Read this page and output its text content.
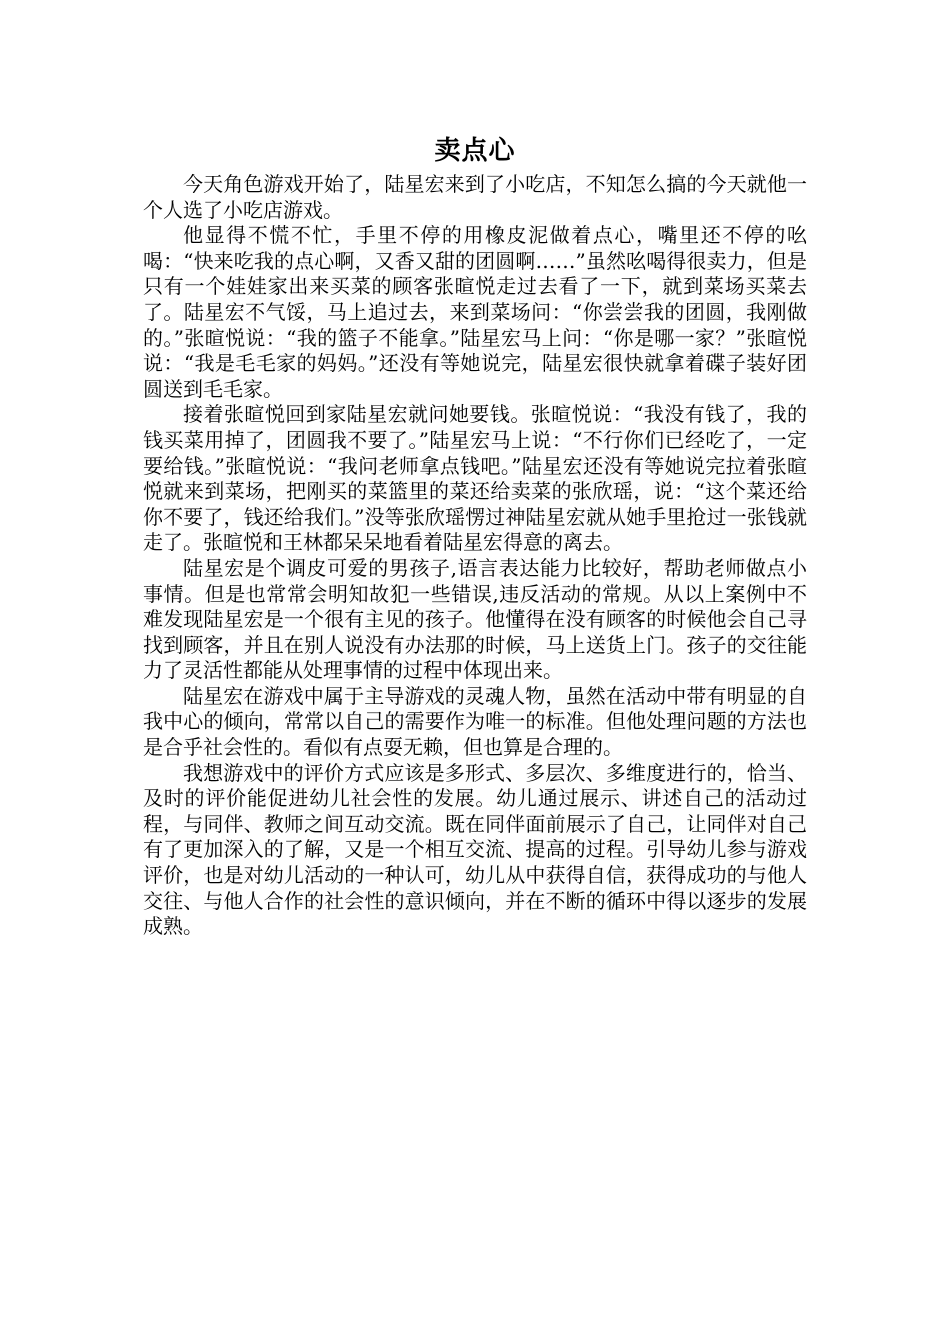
卖点心

今天角色游戏开始了，陆星宏来到了小吃店，不知怎么搞的今天就他一个人选了小吃店游戏。

他显得不慌不忙，手里不停的用橡皮泥做着点心，嘴里还不停的吆喝：“快来吃我的点心啊，又香又甜的团圆啊……”虽然吆喝得很卖力，但是只有一个娃娃家出来买菜的顾客张暄悦走过去看了一下，就到菜场买菜去了。陆星宏不气馁，马上追过去，来到菜场问：“你尝尝我的团圆，我刚做的。”张暄悦说：“我的篮子不能拿。”陆星宏马上问：“你是哪一家？”张暄悦说：“我是毛毛家的妈妈。”还没有等她说完，陆星宏很快就拿着碟子装好团圆送到毛毛家。

接着张暄悦回到家陆星宏就问她要钱。张暄悦说：“我没有钱了，我的钱买菜用掉了，团圆我不要了。”陆星宏马上说：“不行你们已经吃了，一定要给钱。”张暄悦说：“我问老师拿点钱吧。”陆星宏还没有等她说完拉着张暄悦就来到菜场，把刚买的菜篮里的菜还给卖菜的张欣瑶，说：“这个菜还给你不要了，钱还给我们。”没等张欣瑶愣过神陆星宏就从她手里抢过一张钱就走了。张暄悦和王林都呆呆地看着陆星宏得意的离去。

陆星宏是个调皮可爱的男孩子,语言表达能力比较好，帮助老师做点小事情。但是也常常会明知故犯一些错误,违反活动的常规。从以上案例中不难发现陆星宏是一个很有主见的孩子。他懂得在没有顾客的时候他会自己寻找到顾客，并且在别人说没有办法那的时候，马上送货上门。孩子的交往能力了灵活性都能从处理事情的过程中体现出来。

陆星宏在游戏中属于主导游戏的灵魂人物，虽然在活动中带有明显的自我中心的倾向，常常以自己的需要作为唯一的标准。但他处理问题的方法也是合乎社会性的。看似有点耍无赖，但也算是合理的。

我想游戏中的评价方式应该是多形式、多层次、多维度进行的，恰当、及时的评价能促进幼儿社会性的发展。幼儿通过展示、讲述自己的活动过程，与同伴、教师之间互动交流。既在同伴面前展示了自己，让同伴对自己有了更加深入的了解，又是一个相互交流、提高的过程。引导幼儿参与游戏评价，也是对幼儿活动的一种认可，幼儿从中获得自信，获得成功的与他人交往、与他人合作的社会性的意识倾向，并在不断的循环中得以逐步的发展成熟。
